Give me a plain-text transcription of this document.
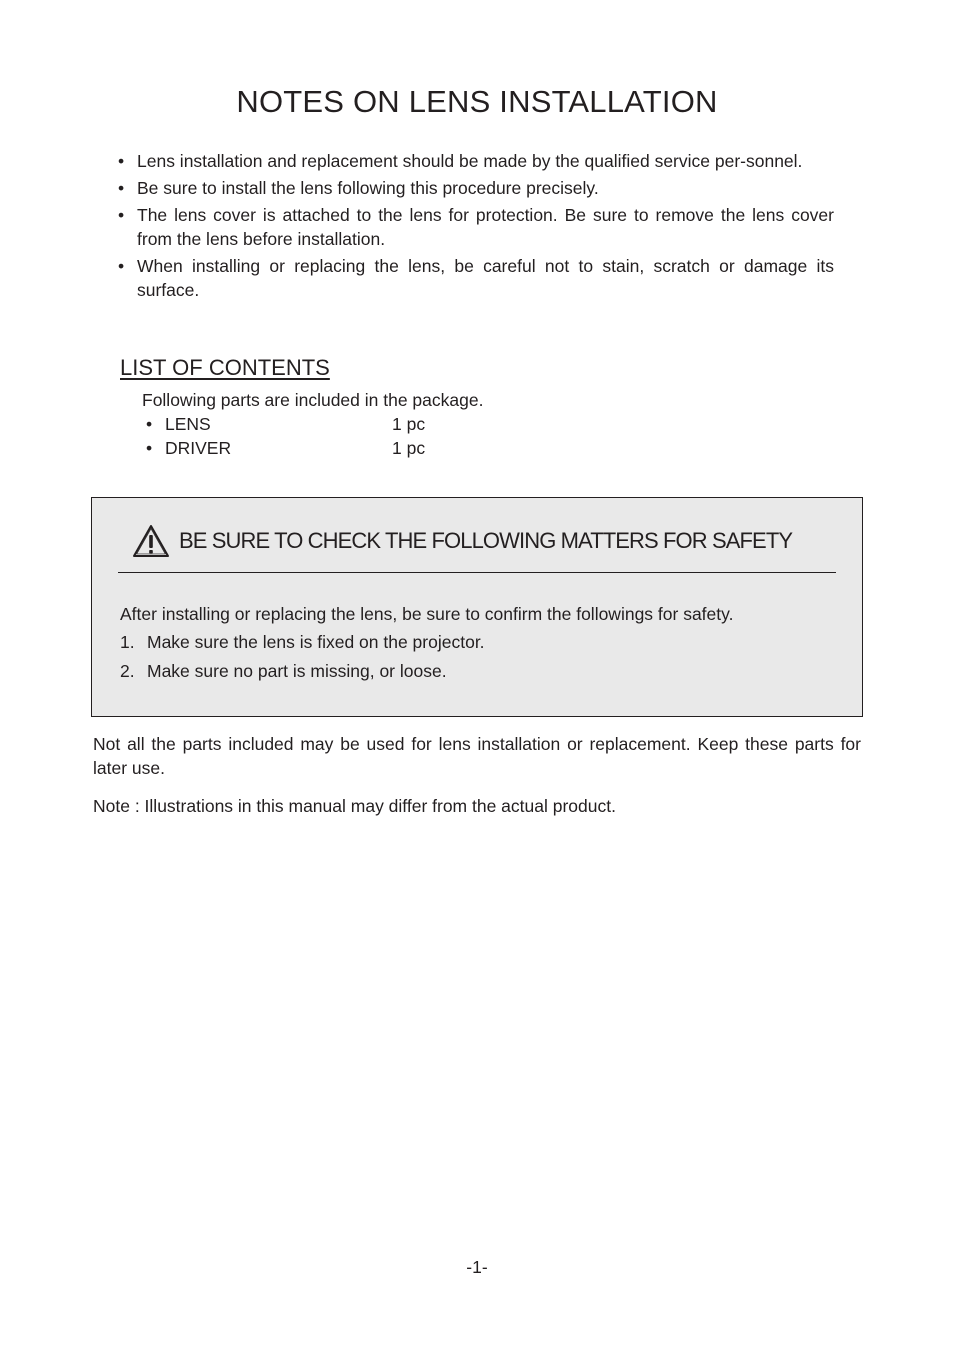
NOTES ON LENS INSTALLATION
• Lens installation and replacement should be made by the qualified service per-sonnel.
• Be sure to install the lens following this procedure precisely.
• The lens cover is attached to the lens for protection. Be sure to remove the lens cover from the lens before installation.
• When installing or replacing the lens, be careful not to stain, scratch or damage its surface.
LIST OF CONTENTS

Following parts are included in the package.

• LENS	1 pc
• DRIVER	1 pc
BE SURE TO CHECK THE FOLLOWING MATTERS FOR SAFETY

After installing or replacing the lens, be sure to confirm the followings for safety.

1. Make sure the lens is fixed on the projector.
2. Make sure no part is missing, or loose.

Not all the parts included may be used for lens installation or replacement. Keep these parts for later use.

Note : Illustrations in this manual may differ from the actual product.

-1-
